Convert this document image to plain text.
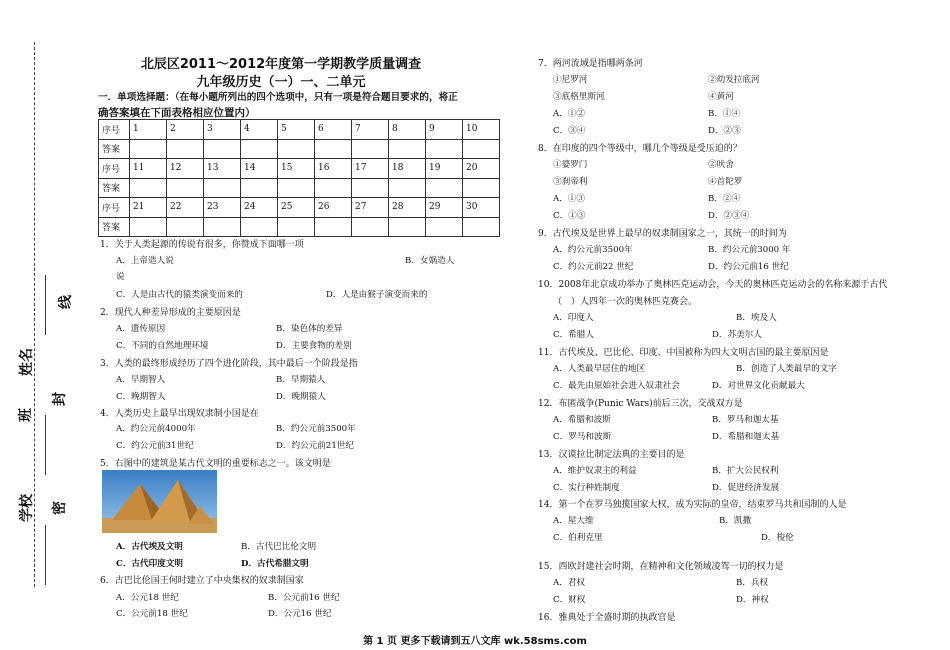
线
封
密
姓名
班
学校
北辰区2011～2012年度第一学期教学质量调查
九年级历史（一）一、二单元
一．单项选择题：（在每小题所列出的四个选项中，只有一项是符合题目要求的，将正
确答案填在下面表格相应位置内）
序号	1	2	3	4	5	6	7	8	9	10
答案										
序号	11	12	13	14	15	16	17	18	19	20
答案										
序号	21	22	23	24	25	26	27	28	29	30
答案										
1．关于人类起源的传说有很多，你赞成下面哪一项
A．上帝造人说	B．女娲造人
说
C．人是由古代的猿类演变而来的	D．人是由猴子演变而来的
2．现代人种差异形成的主要原因是
A．遗传原因	B．染色体的差异
C．不同的自然地理环境	D．主要食物的差别
3．人类的最终形成经历了四个进化阶段，其中最后一个阶段是指
A．早期智人	B．早期猿人
C．晚期智人	D．晚期猿人
4．人类历史上最早出现奴隶制小国是在
A．约公元前4000年	B．约公元前3500年
C．约公元前31世纪	D．约公元前21世纪
5．右图中的建筑是某古代文明的重要标志之一。该文明是
A．古代埃及文明	B．古代巴比伦文明
C．古代印度文明	D．古代希腊文明
6．古巴比伦国王何时建立了中央集权的奴隶制国家
A．公元18 世纪	B．公元前16 世纪
C．公元前18 世纪	D．公元16 世纪
7．两河流域是指哪两条河
①尼罗河	②幼发拉底河
③底格里斯河	④黄河
A．①②	B．①④
C．③④	D．②③
8．在印度的四个等级中，哪几个等级是受压迫的？
①婆罗门	②吠舍
③刹帝利	④首陀罗
A．①③	B．②④
C．①③	D．②③④
9．古代埃及是世界上最早的奴隶制国家之一，其统一的时间为
A．约公元前3500年	B．约公元前3000 年
C．约公元前22 世纪	D．约公元前16 世纪
10．2008年北京成功举办了奥林匹克运动会，今天的奥林匹克运动会的名称来源于古代
（　）人四年一次的奥林匹克赛会。
A．印度人	B．埃及人
C．希腊人	D．苏美尔人
11．古代埃及、巴比伦、印度、中国被称为四大文明古国的最主要原因是
A．人类最早居住的地区	B．创造了人类最早的文字
C．最先由原始社会进入奴隶社会	D．对世界文化贡献最大
12．布匿战争(Punic Wars)前后三次，交战双方是
A．希腊和波斯	B．罗马和迦太基
C．罗马和波斯	D．希腊和迦太基
13．汉谟拉比制定法典的主要目的是
A．维护奴隶主的利益	B．扩大公民权利
C．实行种姓制度	D．促进经济发展
14．第一个在罗马独揽国家大权，成为实际的皇帝，结束罗马共和国制的人是
A．屋大维	B．凯撒
C．伯利克里	D．梭伦
15．西欧封建社会时期，在精神和文化领域凌驾一切的权力是
A．君权	B．兵权
C．财权	D．神权
16．雅典处于全盛时期的执政官是
第 1 页 更多下载请到五八文库 wk.58sms.com
